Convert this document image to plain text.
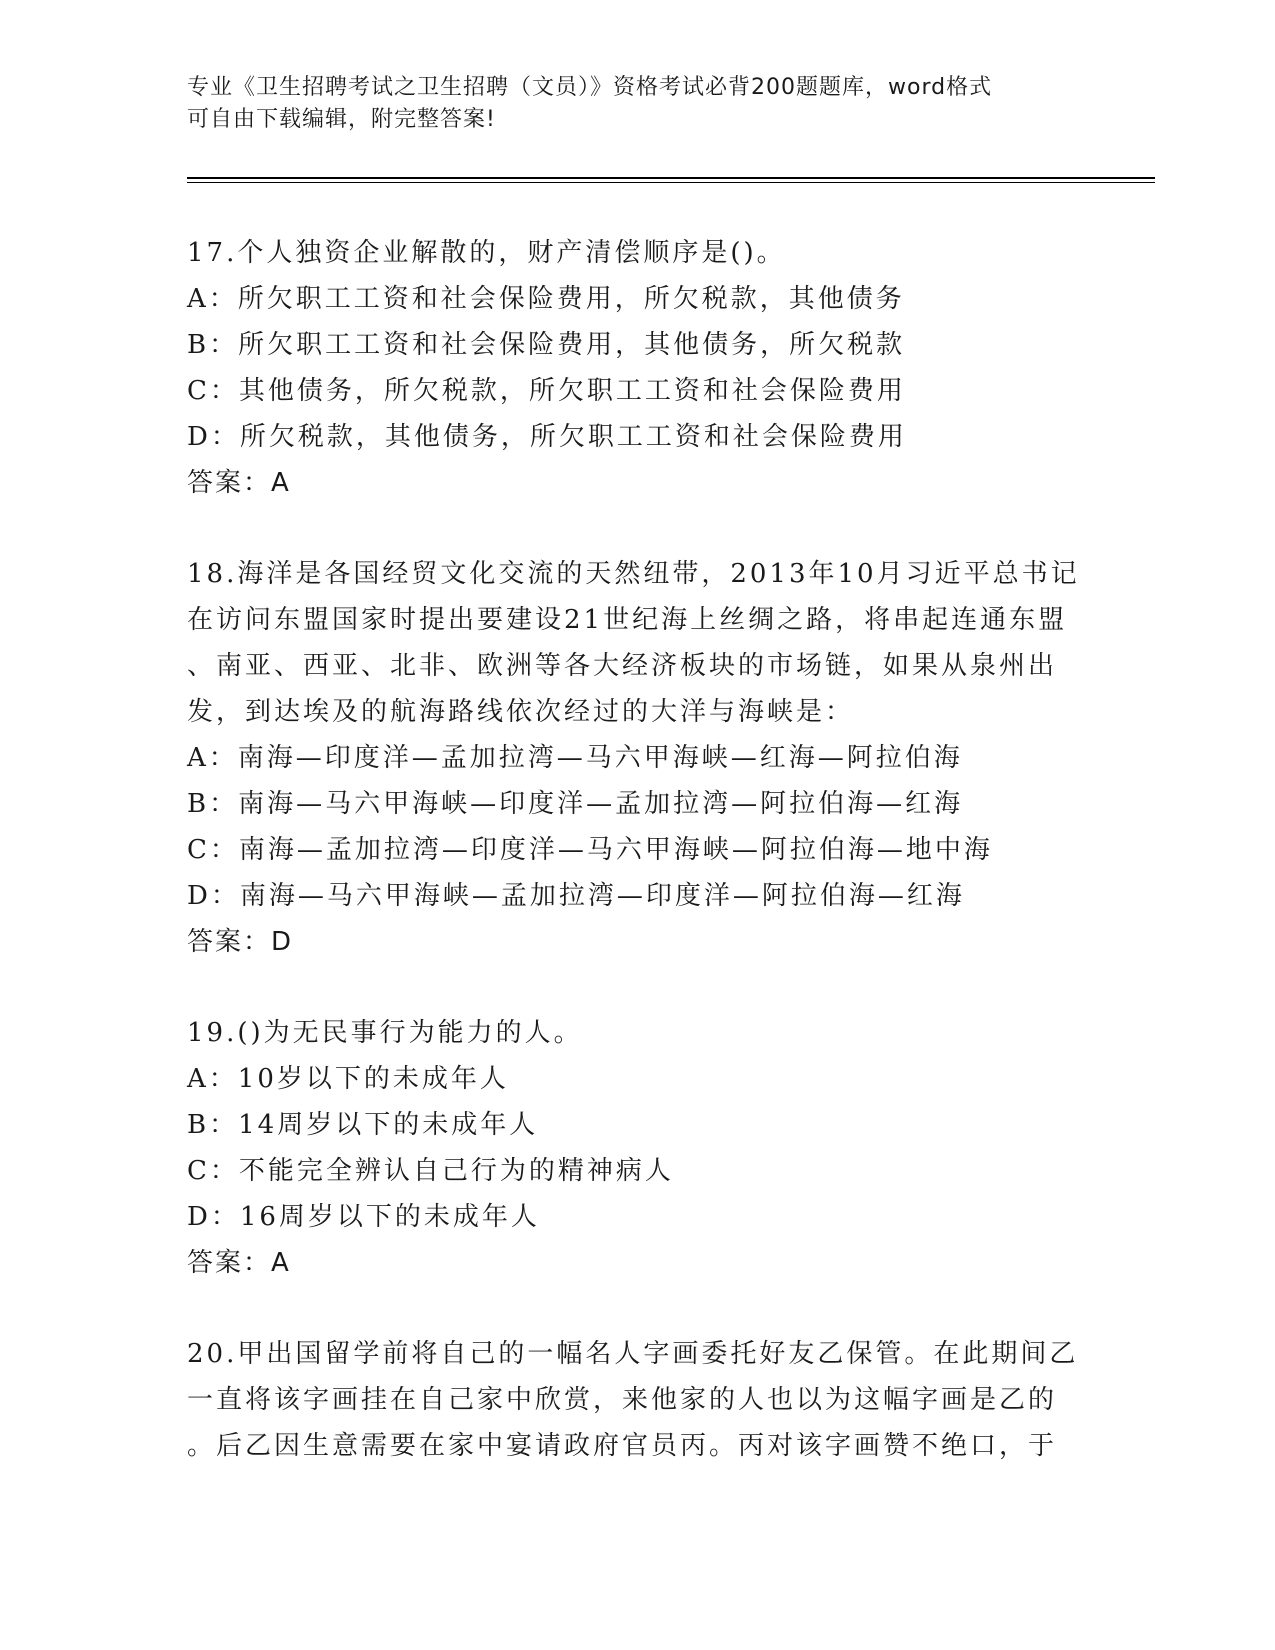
专业《卫生招聘考试之卫生招聘（文员）》资格考试必背200题题库，word格式
可自由下载编辑，附完整答案!
17.个人独资企业解散的，财产清偿顺序是()。
A：所欠职工工资和社会保险费用，所欠税款，其他债务
B：所欠职工工资和社会保险费用，其他债务，所欠税款
C：其他债务，所欠税款，所欠职工工资和社会保险费用
D：所欠税款，其他债务，所欠职工工资和社会保险费用
答案：A
18.海洋是各国经贸文化交流的天然纽带，2013年10月习近平总书记
在访问东盟国家时提出要建设21世纪海上丝绸之路，将串起连通东盟
、南亚、西亚、北非、欧洲等各大经济板块的市场链，如果从泉州出
发，到达埃及的航海路线依次经过的大洋与海峡是：
A：南海—印度洋—孟加拉湾—马六甲海峡—红海—阿拉伯海
B：南海—马六甲海峡—印度洋—孟加拉湾—阿拉伯海—红海
C：南海—孟加拉湾—印度洋—马六甲海峡—阿拉伯海—地中海
D：南海—马六甲海峡—孟加拉湾—印度洋—阿拉伯海—红海
答案：D
19.()为无民事行为能力的人。
A：10岁以下的未成年人
B：14周岁以下的未成年人
C：不能完全辨认自己行为的精神病人
D：16周岁以下的未成年人
答案：A
20.甲出国留学前将自己的一幅名人字画委托好友乙保管。在此期间乙
一直将该字画挂在自己家中欣赏，来他家的人也以为这幅字画是乙的
。后乙因生意需要在家中宴请政府官员丙。丙对该字画赞不绝口，于
